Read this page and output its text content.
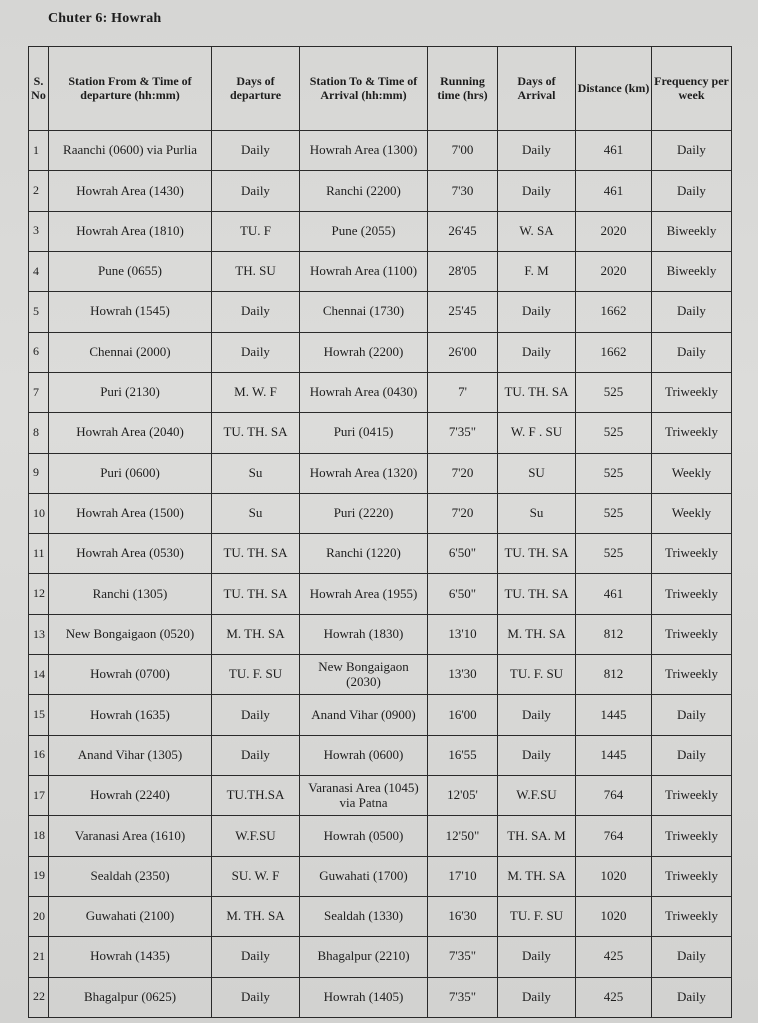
Chuter 6: Howrah
S. No	Station From & Time of departure (hh:mm)	Days of departure	Station To & Time of Arrival (hh:mm)	Running time (hrs)	Days of Arrival	Distance (km)	Frequency per week
1	Raanchi (0600) via Purlia	Daily	Howrah Area (1300)	7'00	Daily	461	Daily
2	Howrah Area (1430)	Daily	Ranchi (2200)	7'30	Daily	461	Daily
3	Howrah Area (1810)	TU. F	Pune (2055)	26'45	W. SA	2020	Biweekly
4	Pune (0655)	TH. SU	Howrah Area (1100)	28'05	F. M	2020	Biweekly
5	Howrah (1545)	Daily	Chennai (1730)	25'45	Daily	1662	Daily
6	Chennai (2000)	Daily	Howrah (2200)	26'00	Daily	1662	Daily
7	Puri (2130)	M. W. F	Howrah Area (0430)	7'	TU. TH. SA	525	Triweekly
8	Howrah Area (2040)	TU. TH. SA	Puri (0415)	7'35"	W. F . SU	525	Triweekly
9	Puri (0600)	Su	Howrah Area (1320)	7'20	SU	525	Weekly
10	Howrah Area (1500)	Su	Puri (2220)	7'20	Su	525	Weekly
11	Howrah Area (0530)	TU. TH. SA	Ranchi (1220)	6'50"	TU. TH. SA	525	Triweekly
12	Ranchi (1305)	TU. TH. SA	Howrah Area (1955)	6'50"	TU. TH. SA	461	Triweekly
13	New Bongaigaon (0520)	M. TH. SA	Howrah (1830)	13'10	M. TH. SA	812	Triweekly
14	Howrah (0700)	TU. F. SU	New Bongaigaon (2030)	13'30	TU. F. SU	812	Triweekly
15	Howrah (1635)	Daily	Anand Vihar (0900)	16'00	Daily	1445	Daily
16	Anand Vihar (1305)	Daily	Howrah (0600)	16'55	Daily	1445	Daily
17	Howrah (2240)	TU.TH.SA	Varanasi Area (1045) via Patna	12'05'	W.F.SU	764	Triweekly
18	Varanasi Area (1610)	W.F.SU	Howrah (0500)	12'50"	TH. SA. M	764	Triweekly
19	Sealdah (2350)	SU. W. F	Guwahati (1700)	17'10	M. TH. SA	1020	Triweekly
20	Guwahati (2100)	M. TH. SA	Sealdah (1330)	16'30	TU. F. SU	1020	Triweekly
21	Howrah (1435)	Daily	Bhagalpur (2210)	7'35"	Daily	425	Daily
22	Bhagalpur (0625)	Daily	Howrah (1405)	7'35"	Daily	425	Daily
